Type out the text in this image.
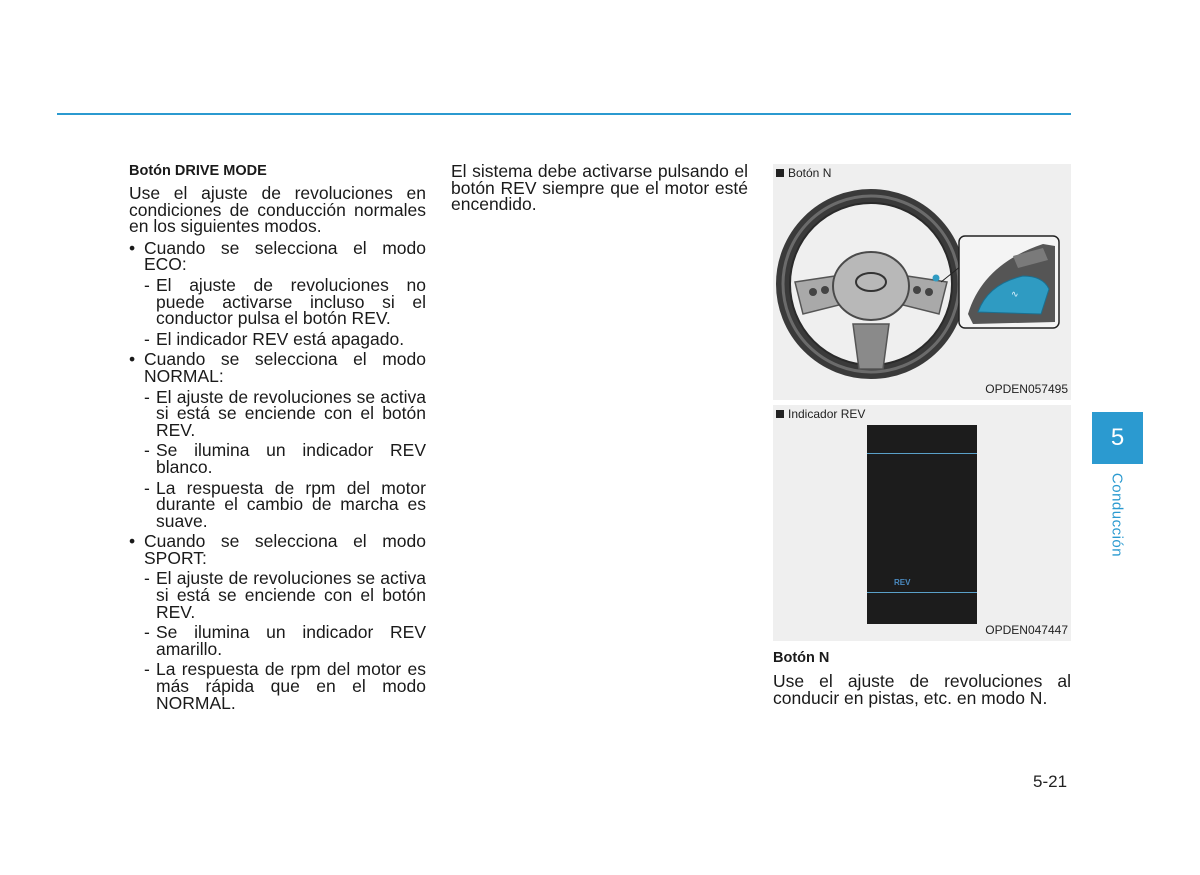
Botón DRIVE MODE

Use el ajuste de revoluciones en condiciones de conducción normales en los siguientes modos.

• Cuando se selecciona el modo ECO:
- El ajuste de revoluciones no puede activarse incluso si el conductor pulsa el botón REV.
- El indicador REV está apagado.
• Cuando se selecciona el modo NORMAL:
- El ajuste de revoluciones se activa si está se enciende con el botón REV.
- Se ilumina un indicador REV blanco.
- La respuesta de rpm del motor durante el cambio de marcha es suave.
• Cuando se selecciona el modo SPORT:
- El ajuste de revoluciones se activa si está se enciende con el botón REV.
- Se ilumina un indicador REV amarillo.
- La respuesta de rpm del motor es más rápida que en el modo NORMAL.

El sistema debe activarse pulsando el botón REV siempre que el motor esté encendido.

∿
Botón N
OPDEN057495
Indicador REV
REV
OPDEN047447
Botón N

Use el ajuste de revoluciones al conducir en pistas, etc. en modo N.

5
Conducción
5-21
